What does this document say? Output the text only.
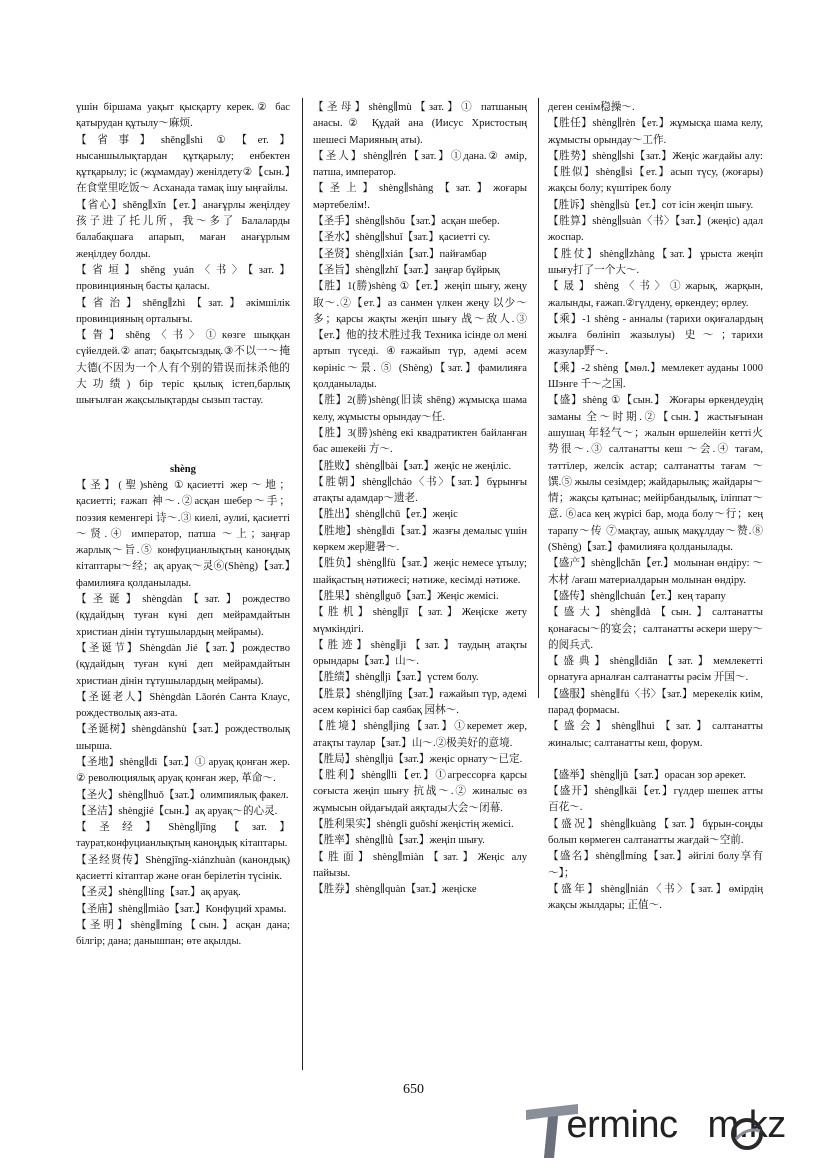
үшін біршама уақыт қысқарту керек.② бас қатырудан құтылу～麻烦.

【省事】shěng∥shì ①【ет.】нысаншылықтардан құтқарылу; енбектен құтқарылу; іс (жұмамдау) женілдету②【сын.】在食堂里吃饭～ Асханада тамақ ішу ыңғайлы.

【省心】shěng∥xīn【ет.】анағұрлы жеңілдеу 孩子进了托儿所，我～多了 Балаларды балабақшаға апарып, маған анағұрлым жеңілдеу болды.

【省垣】shěng yuán〈书〉【зат.】провинцияның басты қаласы.

【省治】shěng∥zhì【зат.】әкімшілік провинцияның орталығы.

【眚】shěng〈书〉①көзге шыққан сүйелдей.② апат; бақытсыздық.③不以一～掩大德(不因为一个人有个别的错误而抹杀他的大功绩) бір теріс қылық істеп,барлық шығылған жақсылықтарды сызып тастау.

shèng

【圣】(聖)shèng ①қасиетті жер～地；қасиетті; ғажап 神～.②асқан шебер～手；поэзия кеменгері 诗～.③ киелі, әулиі, қасиетті ～贤.④ император, патша ～上；заңғар жарлық～旨.⑤ конфуцианлықтың каноңдық кітаптары～经；ақ аруақ～灵⑥(Shèng)【зат.】фамилияға қолданылады.

【圣诞】shèngdàn【зат.】рождество (құдайдың туған күні деп мейрамдайтын христиан дінін тұтушылардың мейрамы).

【圣诞节】Shèngdàn Jié【зат.】рождество (құдайдың туған күні деп мейрамдайтын христиан дінін тұтушылардың мейрамы).

【圣诞老人】Shèngdàn Lǎorén Санта Клаус, рождестволық аяз-ата.

【圣诞树】shèngdànshù【зат.】рождестволық шырша.

【圣地】shèng∥dì【зат.】① аруақ қонған жер. ② революциялық аруақ қонған жер, 革命～.

【圣火】shèng∥huǒ【зат.】олимпиялық факел.

【圣洁】shèngjié【сын.】ақ аруақ～的心灵.

【圣经】Shèng∥jīng【зат.】таурат,конфуцианлықтың каноңдық кітаптары.

【圣经贤传】Shèngjīng-xiánzhuàn (канондық) қасиетті кітаптар және оған берілетін түсінік.

【圣灵】shèng∥líng【зат.】ақ аруақ.

【圣庙】shèng∥miào【зат.】Конфуций храмы.

【圣明】shèng∥míng【сын.】асқан дана; білгір; дана; данышпан; өте ақылды.

【圣母】shèng∥mù【зат.】① патшаның анасы.② Құдай ана (Иисус Христостың шешесі Марияның аты).

【圣人】shèng∥rén【зат.】①дана.② әмір, патша, император.

【圣上】shèng∥shàng【зат.】жоғары мәртебелім!.

【圣手】shèng∥shǒu【зат.】асқан шебер.

【圣水】shèng∥shuǐ【зат.】қасиетті су.

【圣贤】shèng∥xián【зат.】пайғамбар

【圣旨】shèng∥zhǐ【зат.】заңғар бұйрық

【胜】1(勝)shèng ①【ет.】жеңіп шығу, жеңу 取～.②【ет.】аз санмен үлкен жеңу 以少～多；қарсы жақты жеңіп шығу 战～敌人.③【ет.】他的技术胜过我 Техника ісінде ол мені артып түседі. ④ғажайып түр, әдемі әсем көрініс～景. ⑤ (Shèng)【зат.】фамилияға қолданылады.

【胜】2(勝)shèng(旧读 shēng) жұмысқа шама келу, жұмысты орындау～任.

【胜】3(勝)shèng екі квадратиктен байланған бас әшекейі 方～.

【胜败】shèng∥bài【зат.】жеңіс не жеңіліс.

【胜朝】shèng∥cháo〈书〉【зат.】бұрынғы атақты адамдар～遗老.

【胜出】shèng∥chū【ет.】жеңіс

【胜地】shèng∥dì【зат.】жазғы демалыс үшін көркем жер避暑～.

【胜负】shèng∥fù【зат.】жеңіс немесе ұтылу; шайқастың нәтижесі; нәтиже, кесімді нәтиже.

【胜果】shèng∥guǒ【зат.】Жеңіс жемісі.

【胜机】shèng∥jī【зат.】Жеңіске жету мүмкіндігі.

【胜迹】shèng∥jì【зат.】таудың атақты орындары【зат.】山～.

【胜绩】shèng∥jì【зат.】үстем болу.

【胜景】shèng∥jǐng【зат.】ғажайып түр, әдемі әсем көрінісі бар саябақ 园林～.

【胜境】shèng∥jìng【зат.】①керемет жер, атақты таулар【зат.】山～.②极美好的意境.

【胜局】shèng∥jú【зат.】жеңіс орнату～已定.

【胜利】shèng∥lì【ет.】①агрессорға қарсы соғыста жеңіп шығу 抗战～.② жиналыс өз жұмысын ойдағыдай аяқтады大会～闭幕.

【胜利果实】shènglì guǒshí жеңістің жемісі.

【胜率】shèng∥lǜ【зат.】жеңіп шығу.

【胜面】shèng∥miàn【зат.】Жеңіс алу пайызы.

【胜券】shèng∥quàn【зат.】жеңіске

деген сенім稳操～.

【胜任】shèng∥rèn【ет.】жұмысқа шама келу, жұмысты орындау～工作.

【胜势】shèng∥shì【зат.】Жеңіс жағдайы алу:【胜似】shèng∥sì【ет.】асып түсу, (жоғары) жақсы болу; күштірек болу

【胜诉】shèng∥sù【ет.】сот ісін жеңіп шығу.

【胜算】shèng∥suàn〈书〉【зат.】(жеңіс) адал жоспар.

【胜仗】shèng∥zhàng【зат.】ұрыста жеңіп шығу打了一个大～.

【晟】shèng〈书〉①жарық, жарқын, жалынды, ғажап.②гүлдену, өркендеу; өрлеу.

【乘】-1 shèng - анналы (тарихи оқиғалардың жылға бөлініп жазылуы) 史～；тарихи жазулар野～.

【乘】-2 shèng【мөл.】мемлекет ауданы 1000 Шэнге 千～之国.

【盛】shèng ①【сын.】 Жоғары өркендеудің заманы 全～时期.②【сын.】жастығынан ашушаң 年轻气～；жалын өршелейін кетті火势很～.③ салтанатты кеш ～会.④ тағам, тәттілер, желсік астар; салтанатты тағам ～馔.⑤ жылы сезімдер; жайдарылық; жайдары～情；жақсы қатынас; мейірбандылық, іліппат～意. ⑥аса кең жүрісі бар, мода болу～行；кең тарапу～传 ⑦мақтау, ашық мақұлдау～赞.⑧ (Shèng)【зат.】фамилияға қолданылады.

【盛产】shèng∥chǎn【ет.】молынан өндіру: ～木材 /ағаш материалдарын молынан өндіру.

【盛传】shèng∥chuán【ет.】кең тарапу

【盛大】shèng∥dà【сын.】салтанатты қонағасы～的宴会；салтанатты әскери шеру～的阅兵式.

【盛典】shèng∥diǎn【зат.】мемлекетті орнатуға арналған салтанатты рәсім 开国～.

【盛服】shèng∥fú〈书〉【зат.】мерекелік киім, парад формасы.

【盛会】shèng∥huì【зат.】салтанатты жиналыс; салтанатты кеш, форум.

【盛举】shèng∥jǔ【зат.】орасан зор әрекет.

【盛开】shèng∥kāi【ет.】гүлдер шешек атты百花～.

【盛况】shèng∥kuàng【зат.】бұрын-соңды болып көрмеген салтанатты жағдай～空前.

【盛名】shèng∥míng【зат.】әйгілі болу享有～】；

【盛年】shèng∥nián〈书〉【зат.】өмірдің жақсы жылдары; 正值～.

650
erminc m.kz
